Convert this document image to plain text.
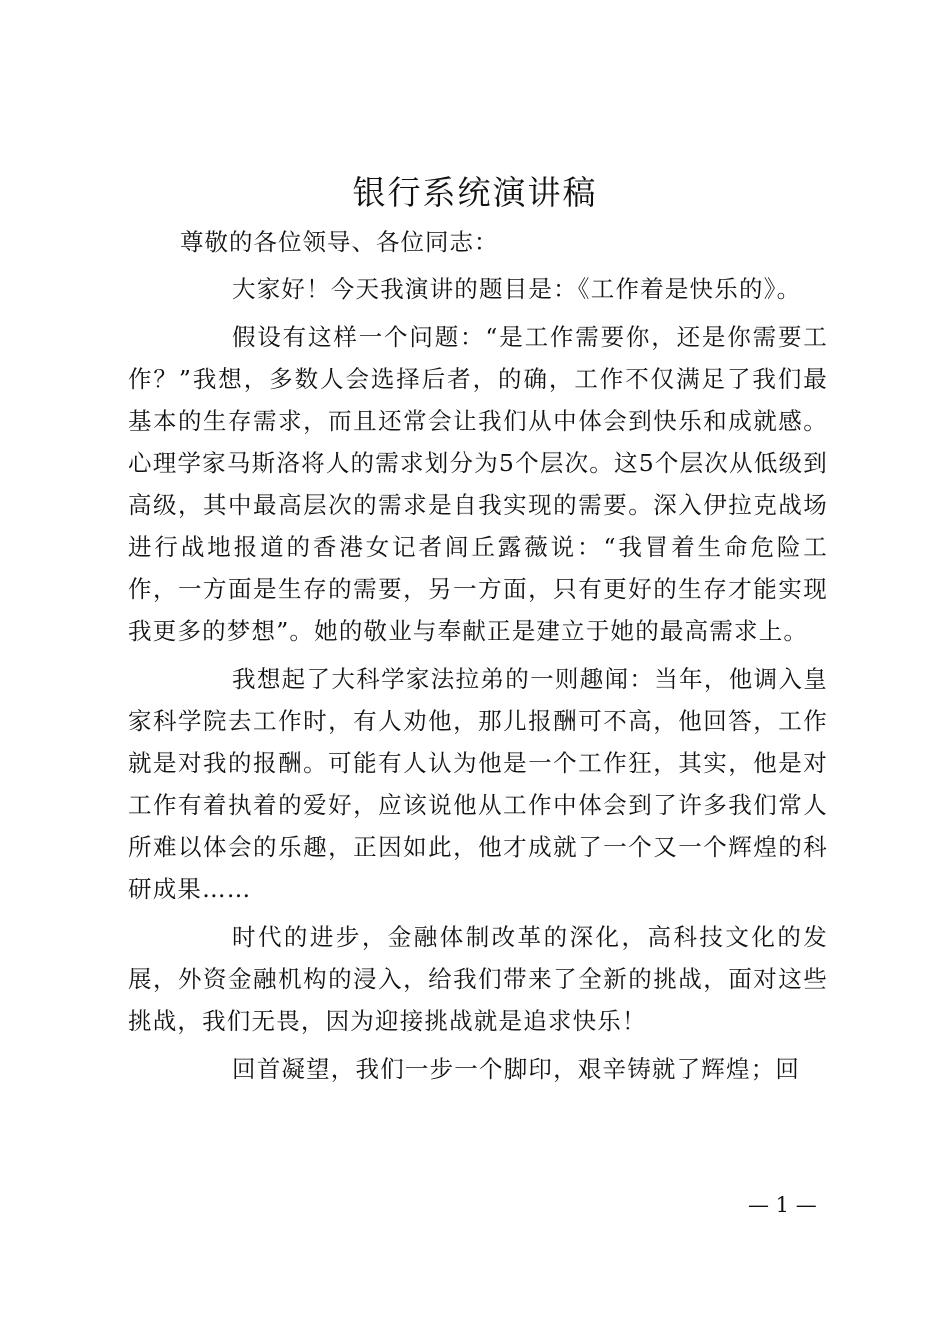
银行系统演讲稿

尊敬的各位领导、各位同志：

大家好！今天我演讲的题目是：《工作着是快乐的》。

假设有这样一个问题：“是工作需要你，还是你需要工作？”我想，多数人会选择后者，的确，工作不仅满足了我们最基本的生存需求，而且还常会让我们从中体会到快乐和成就感。心理学家马斯洛将人的需求划分为5个层次。这5个层次从低级到高级，其中最高层次的需求是自我实现的需要。深入伊拉克战场进行战地报道的香港女记者闾丘露薇说：“我冒着生命危险工作，一方面是生存的需要，另一方面，只有更好的生存才能实现我更多的梦想”。她的敬业与奉献正是建立于她的最高需求上。

我想起了大科学家法拉弟的一则趣闻：当年，他调入皇家科学院去工作时，有人劝他，那儿报酬可不高，他回答，工作就是对我的报酬。可能有人认为他是一个工作狂，其实，他是对工作有着执着的爱好，应该说他从工作中体会到了许多我们常人所难以体会的乐趣，正因如此，他才成就了一个又一个辉煌的科研成果……

时代的进步，金融体制改革的深化，高科技文化的发展，外资金融机构的浸入，给我们带来了全新的挑战，面对这些挑战，我们无畏，因为迎接挑战就是追求快乐！

回首凝望，我们一步一个脚印，艰辛铸就了辉煌；回

— 1 —
